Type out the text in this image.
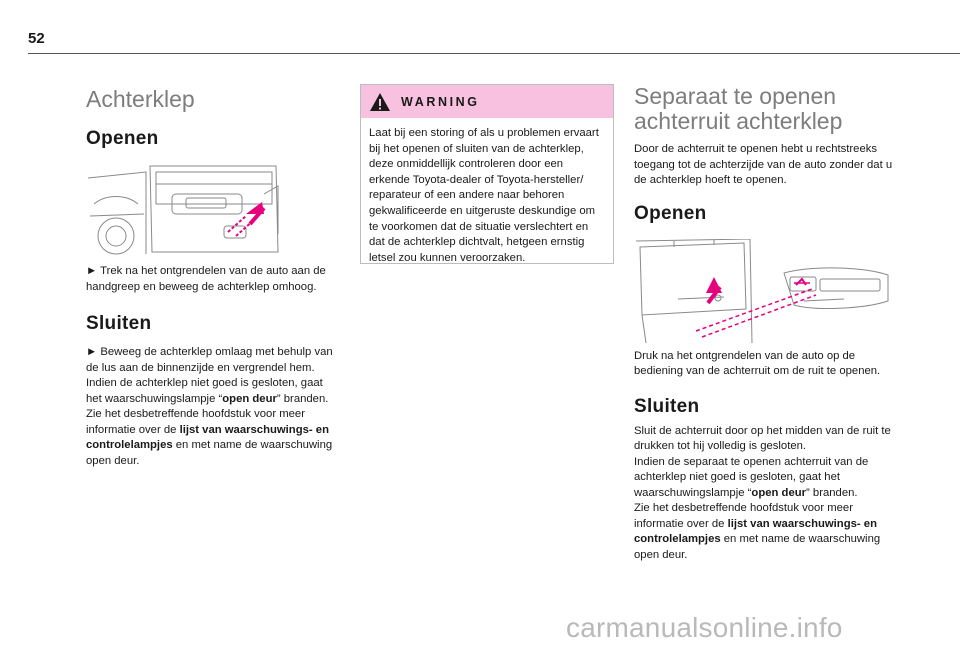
52
Achterklep
Openen
► Trek na het ontgrendelen van de auto aan de handgreep en beweeg de achterklep omhoog.
Sluiten
► Beweeg de achterklep omlaag met behulp van de lus aan de binnenzijde en vergrendel hem.
Indien de achterklep niet goed is gesloten, gaat het waarschuwingslampje “open deur” branden.
Zie het desbetreffende hoofdstuk voor meer informatie over de lijst van waarschuwings- en controlelampjes en met name de waarschuwing open deur.
WARNING
Laat bij een storing of als u problemen ervaart bij het openen of sluiten van de achterklep, deze onmiddellijk controleren door een erkende Toyota-dealer of Toyota-hersteller/ reparateur of een andere naar behoren gekwalificeerde en uitgeruste deskundige om te voorkomen dat de situatie verslechtert en dat de achterklep dichtvalt, hetgeen ernstig letsel zou kunnen veroorzaken.
Separaat te openen achterruit achterklep
Door de achterruit te openen hebt u rechtstreeks toegang tot de achterzijde van de auto zonder dat u de achterklep hoeft te openen.
Openen
Druk na het ontgrendelen van de auto op de bediening van de achterruit om de ruit te openen.
Sluiten
Sluit de achterruit door op het midden van de ruit te drukken tot hij volledig is gesloten.
Indien de separaat te openen achterruit van de achterklep niet goed is gesloten, gaat het waarschuwingslampje “open deur” branden.
Zie het desbetreffende hoofdstuk voor meer informatie over de lijst van waarschuwings- en controlelampjes en met name de waarschuwing open deur.
carmanualsonline.info
